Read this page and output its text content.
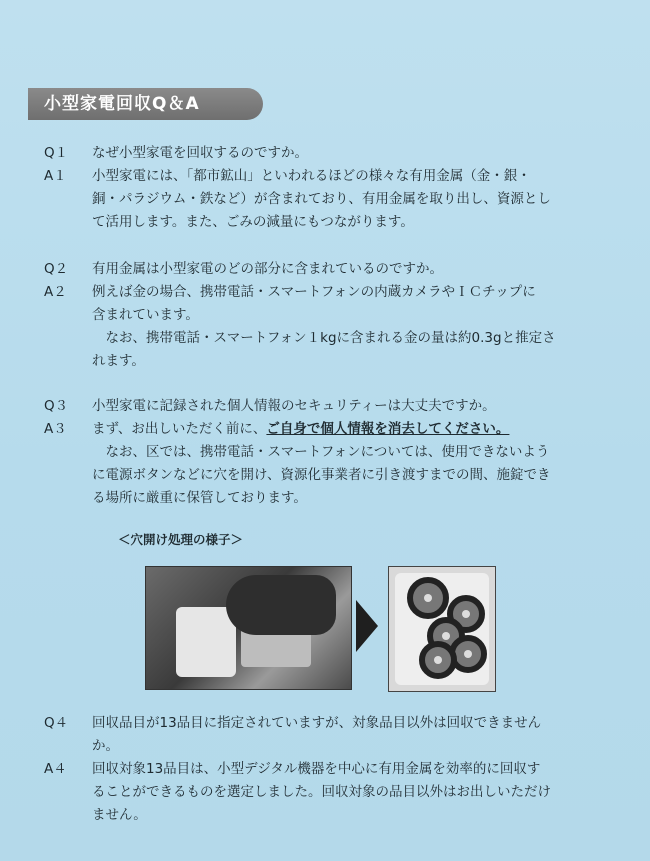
小型家電回収Q＆A
Q１	なぜ小型家電を回収するのですか。
A１	小型家電には、「都市鉱山」といわれるほどの様々な有用金属（金・銀・
銅・パラジウム・鉄など）が含まれており、有用金属を取り出し、資源とし
て活用します。また、ごみの減量にもつながります。
Q２	有用金属は小型家電のどの部分に含まれているのですか。
A２	例えば金の場合、携帯電話・スマートフォンの内蔵カメラやＩＣチップに
含まれています。
なお、携帯電話・スマートフォン１kgに含まれる金の量は約0.3gと推定さ
れます。
Q３	小型家電に記録された個人情報のセキュリティーは大丈夫ですか。
A３	まず、お出しいただく前に、ご自身で個人情報を消去してください。
なお、区では、携帯電話・スマートフォンについては、使用できないよう
に電源ボタンなどに穴を開け、資源化事業者に引き渡すまでの間、施錠でき
る場所に厳重に保管しております。
＜穴開け処理の様子＞
Q４	回収品目が13品目に指定されていますが、対象品目以外は回収できません
か。
A４	回収対象13品目は、小型デジタル機器を中心に有用金属を効率的に回収す
ることができるものを選定しました。回収対象の品目以外はお出しいただけ
ません。
